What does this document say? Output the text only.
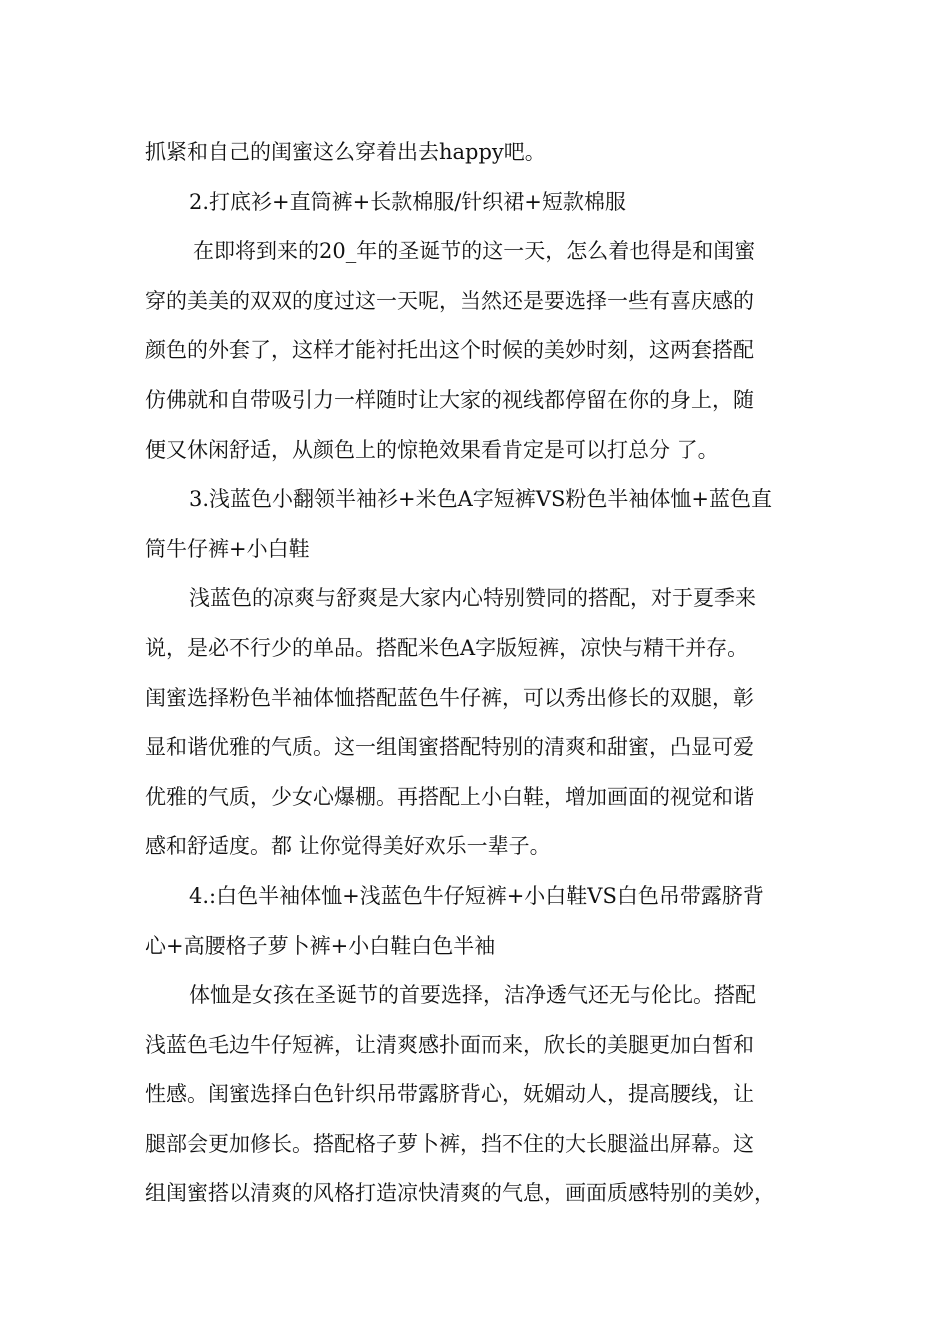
抓紧和自己的闺蜜这么穿着出去happy吧。
2.打底衫+直筒裤+长款棉服/针织裙+短款棉服
在即将到来的20_年的圣诞节的这一天，怎么着也得是和闺蜜
穿的美美的双双的度过这一天呢，当然还是要选择一些有喜庆感的
颜色的外套了，这样才能衬托出这个时候的美妙时刻，这两套搭配
仿佛就和自带吸引力一样随时让大家的视线都停留在你的身上，随
便又休闲舒适，从颜色上的惊艳效果看肯定是可以打总分 了。
3.浅蓝色小翻领半袖衫+米色A字短裤VS粉色半袖体恤+蓝色直
筒牛仔裤+小白鞋
浅蓝色的凉爽与舒爽是大家内心特别赞同的搭配，对于夏季来
说，是必不行少的单品。搭配米色A字版短裤，凉快与精干并存。
闺蜜选择粉色半袖体恤搭配蓝色牛仔裤，可以秀出修长的双腿，彰
显和谐优雅的气质。这一组闺蜜搭配特别的清爽和甜蜜，凸显可爱
优雅的气质，少女心爆棚。再搭配上小白鞋，增加画面的视觉和谐
感和舒适度。都 让你觉得美好欢乐一辈子。
4.:白色半袖体恤+浅蓝色牛仔短裤+小白鞋VS白色吊带露脐背
心+高腰格子萝卜裤+小白鞋白色半袖
体恤是女孩在圣诞节的首要选择，洁净透气还无与伦比。搭配
浅蓝色毛边牛仔短裤，让清爽感扑面而来，欣长的美腿更加白皙和
性感。闺蜜选择白色针织吊带露脐背心，妩媚动人，提高腰线，让
腿部会更加修长。搭配格子萝卜裤，挡不住的大长腿溢出屏幕。这
组闺蜜搭以清爽的风格打造凉快清爽的气息，画面质感特别的美妙，
